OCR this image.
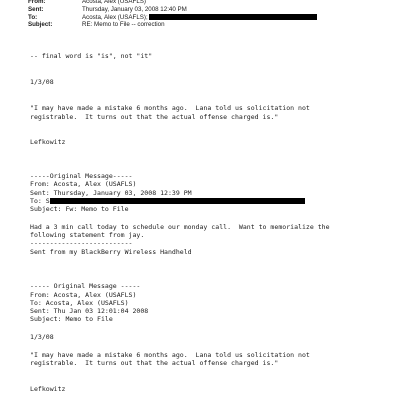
From:	Acosta, Alex (USAFLS)
Sent:	Thursday, January 03, 2008 12:40 PM
To:	Acosta, Alex (USAFLS);
Subject:	RE: Memo to File -- correction
-- final word is "is", not "it"
1/3/08
"I may have made a mistake 6 months ago.  Lana told us solicitation not
registrable.  It turns out that the actual offense charged is."
Lefkowitz
-----Original Message-----
From: Acosta, Alex (USAFLS)
Sent: Thursday, January 03, 2008 12:39 PM
To: S
Subject: Fw: Memo to File
Had a 3 min call today to schedule our monday call.  Want to memorialize the
following statement from jay.
--------------------------
Sent from my BlackBerry Wireless Handheld
----- Original Message -----
From: Acosta, Alex (USAFLS)
To: Acosta, Alex (USAFLS)
Sent: Thu Jan 03 12:01:04 2008
Subject: Memo to File
1/3/08
"I may have made a mistake 6 months ago.  Lana told us solicitation not
registrable.  It turns out that the actual offense charged is."
Lefkowitz
